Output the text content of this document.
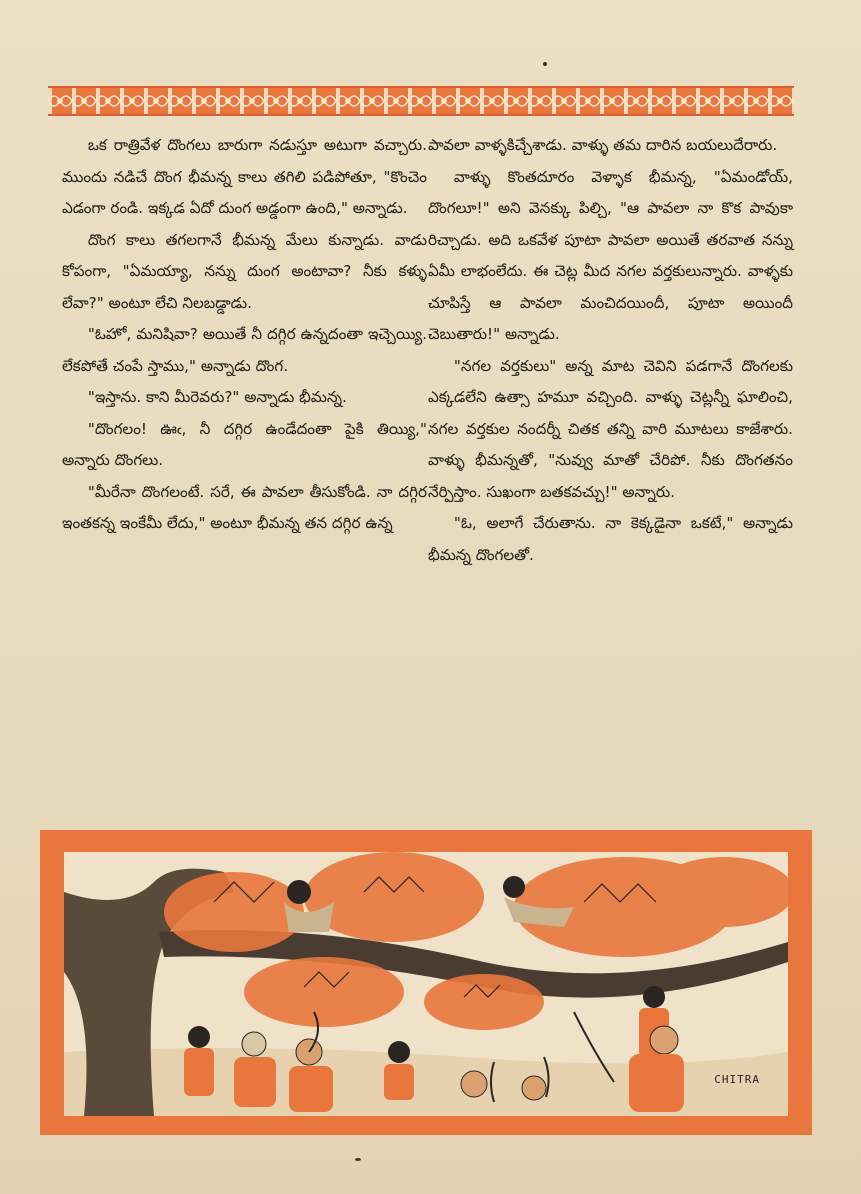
ఒక రాత్రివేళ దొంగలు బారుగా నడుస్తూ అటుగా వచ్చారు. ముందు నడిచే దొంగ భీమన్న కాలు తగిలి పడిపోతూ, "కొంచెం ఎడంగా రండి. ఇక్కడ ఏదో దుంగ అడ్డంగా ఉంది," అన్నాడు.

దొంగ కాలు తగలగానే భీమన్న మేలు కున్నాడు. వాడు కోపంగా, "ఏమయ్యా, నన్ను దుంగ అంటావా? నీకు కళ్ళు లేవా?" అంటూ లేచి నిలబడ్డాడు.

"ఓహో, మనిషివా? అయితే నీ దగ్గిర ఉన్నదంతా ఇచ్చెయ్యి. లేకపోతే చంపే స్తాము," అన్నాడు దొంగ.

"ఇస్తాను. కాని మీరెవరు?" అన్నాడు భీమన్న.

"దొంగలం! ఊఁ, నీ దగ్గిర ఉండేదంతా పైకి తియ్యి," అన్నారు దొంగలు.

"మీరేనా దొంగలంటే. సరే, ఈ పావలా తీసుకోండి. నా దగ్గిర ఇంతకన్న ఇంకేమీ లేదు," అంటూ భీమన్న తన దగ్గిర ఉన్న

పావలా వాళ్ళకిచ్చేశాడు. వాళ్ళు తమ దారిన బయలుదేరారు.

వాళ్ళు కొంతదూరం వెళ్ళాక భీమన్న, "ఏమండోయ్, దొంగలూ!" అని వెనక్కు పిల్చి, "ఆ పావలా నా కొక పావుకా రిచ్చాడు. అది ఒకవేళ పూటా పావలా అయితే తరవాత నన్ను ఏమీ లాభంలేదు. ఈ చెట్ల మీద నగల వర్తకులున్నారు. వాళ్ళకు చూపిస్తే ఆ పావలా మంచిదయిందీ, పూటా అయిందీ చెబుతారు!" అన్నాడు.

"నగల వర్తకులు" అన్న మాట చెవిని పడగానే దొంగలకు ఎక్కడలేని ఉత్సా హమూ వచ్చింది. వాళ్ళు చెట్లన్నీ ఘాలించి, నగల వర్తకుల నందర్నీ చితక తన్ని వారి మూటలు కాజేశారు. వాళ్ళు భీమన్నతో, "నువ్వు మాతో చేరిపో. నీకు దొంగతనం నేర్పిస్తాం. సుఖంగా బతకవచ్చు!" అన్నారు.

"ఓ, అలాగే చేరుతాను. నా కెక్కడైనా ఒకటే," అన్నాడు భీమన్న దొంగలతో.

CHITRA
